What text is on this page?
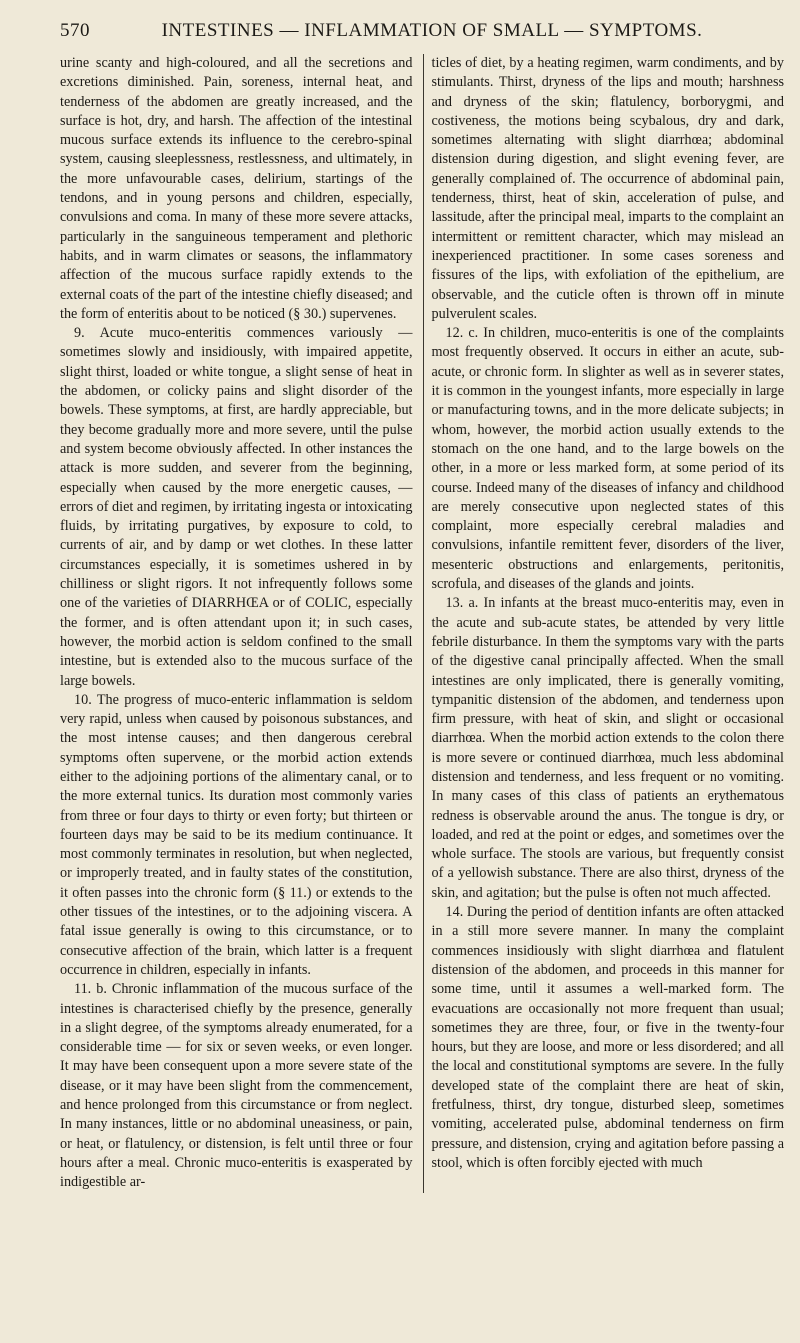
570	INTESTINES — INFLAMMATION OF SMALL — SYMPTOMS.

urine scanty and high-coloured, and all the secretions and excretions diminished. Pain, soreness, internal heat, and tenderness of the abdomen are greatly increased, and the surface is hot, dry, and harsh. The affection of the intestinal mucous surface extends its influence to the cerebro-spinal system, causing sleeplessness, restlessness, and ultimately, in the more unfavourable cases, delirium, startings of the tendons, and in young persons and children, especially, convulsions and coma. In many of these more severe attacks, particularly in the sanguineous temperament and plethoric habits, and in warm climates or seasons, the inflammatory affection of the mucous surface rapidly extends to the external coats of the part of the intestine chiefly diseased; and the form of enteritis about to be noticed (§ 30.) supervenes.

9. Acute muco-enteritis commences variously — sometimes slowly and insidiously, with impaired appetite, slight thirst, loaded or white tongue, a slight sense of heat in the abdomen, or colicky pains and slight disorder of the bowels. These symptoms, at first, are hardly appreciable, but they become gradually more and more severe, until the pulse and system become obviously affected. In other instances the attack is more sudden, and severer from the beginning, especially when caused by the more energetic causes, — errors of diet and regimen, by irritating ingesta or intoxicating fluids, by irritating purgatives, by exposure to cold, to currents of air, and by damp or wet clothes. In these latter circumstances especially, it is sometimes ushered in by chilliness or slight rigors. It not infrequently follows some one of the varieties of DIARRHŒA or of COLIC, especially the former, and is often attendant upon it; in such cases, however, the morbid action is seldom confined to the small intestine, but is extended also to the mucous surface of the large bowels.

10. The progress of muco-enteric inflammation is seldom very rapid, unless when caused by poisonous substances, and the most intense causes; and then dangerous cerebral symptoms often supervene, or the morbid action extends either to the adjoining portions of the alimentary canal, or to the more external tunics. Its duration most commonly varies from three or four days to thirty or even forty; but thirteen or fourteen days may be said to be its medium continuance. It most commonly terminates in resolution, but when neglected, or improperly treated, and in faulty states of the constitution, it often passes into the chronic form (§ 11.) or extends to the other tissues of the intestines, or to the adjoining viscera. A fatal issue generally is owing to this circumstance, or to consecutive affection of the brain, which latter is a frequent occurrence in children, especially in infants.

11. b. Chronic inflammation of the mucous surface of the intestines is characterised chiefly by the presence, generally in a slight degree, of the symptoms already enumerated, for a considerable time — for six or seven weeks, or even longer. It may have been consequent upon a more severe state of the disease, or it may have been slight from the commencement, and hence prolonged from this circumstance or from neglect. In many instances, little or no abdominal uneasiness, or pain, or heat, or flatulency, or distension, is felt until three or four hours after a meal. Chronic muco-enteritis is exasperated by indigestible ar-

ticles of diet, by a heating regimen, warm condiments, and by stimulants. Thirst, dryness of the lips and mouth; harshness and dryness of the skin; flatulency, borborygmi, and costiveness, the motions being scybalous, dry and dark, sometimes alternating with slight diarrhœa; abdominal distension during digestion, and slight evening fever, are generally complained of. The occurrence of abdominal pain, tenderness, thirst, heat of skin, acceleration of pulse, and lassitude, after the principal meal, imparts to the complaint an intermittent or remittent character, which may mislead an inexperienced practitioner. In some cases soreness and fissures of the lips, with exfoliation of the epithelium, are observable, and the cuticle often is thrown off in minute pulverulent scales.

12. c. In children, muco-enteritis is one of the complaints most frequently observed. It occurs in either an acute, sub-acute, or chronic form. In slighter as well as in severer states, it is common in the youngest infants, more especially in large or manufacturing towns, and in the more delicate subjects; in whom, however, the morbid action usually extends to the stomach on the one hand, and to the large bowels on the other, in a more or less marked form, at some period of its course. Indeed many of the diseases of infancy and childhood are merely consecutive upon neglected states of this complaint, more especially cerebral maladies and convulsions, infantile remittent fever, disorders of the liver, mesenteric obstructions and enlargements, peritonitis, scrofula, and diseases of the glands and joints.

13. a. In infants at the breast muco-enteritis may, even in the acute and sub-acute states, be attended by very little febrile disturbance. In them the symptoms vary with the parts of the digestive canal principally affected. When the small intestines are only implicated, there is generally vomiting, tympanitic distension of the abdomen, and tenderness upon firm pressure, with heat of skin, and slight or occasional diarrhœa. When the morbid action extends to the colon there is more severe or continued diarrhœa, much less abdominal distension and tenderness, and less frequent or no vomiting. In many cases of this class of patients an erythematous redness is observable around the anus. The tongue is dry, or loaded, and red at the point or edges, and sometimes over the whole surface. The stools are various, but frequently consist of a yellowish substance. There are also thirst, dryness of the skin, and agitation; but the pulse is often not much affected.

14. During the period of dentition infants are often attacked in a still more severe manner. In many the complaint commences insidiously with slight diarrhœa and flatulent distension of the abdomen, and proceeds in this manner for some time, until it assumes a well-marked form. The evacuations are occasionally not more frequent than usual; sometimes they are three, four, or five in the twenty-four hours, but they are loose, and more or less disordered; and all the local and constitutional symptoms are severe. In the fully developed state of the complaint there are heat of skin, fretfulness, thirst, dry tongue, disturbed sleep, sometimes vomiting, accelerated pulse, abdominal tenderness on firm pressure, and distension, crying and agitation before passing a stool, which is often forcibly ejected with much
